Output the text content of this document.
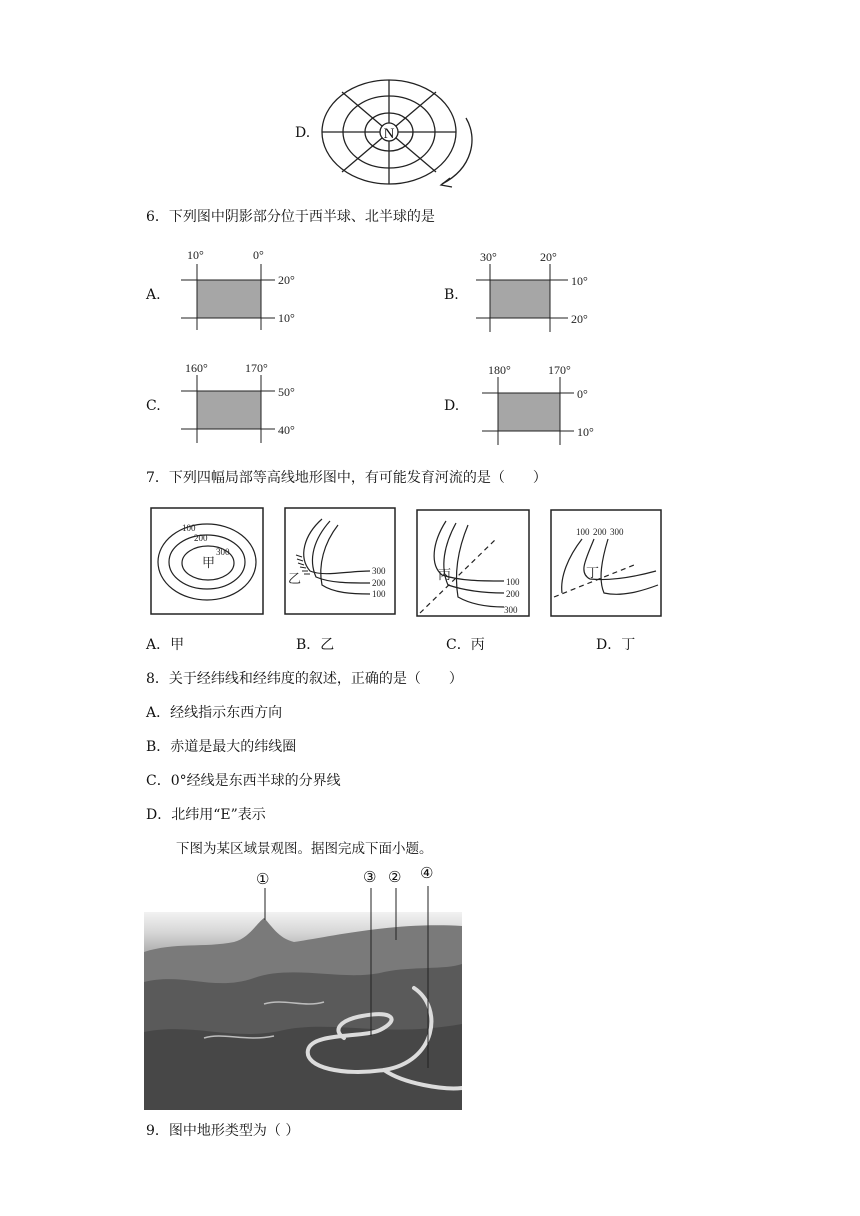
D.	N
6．下列图中阴影部分位于西半球、北半球的是
A.
10°	0°
20°
10°
B.
30°	20°
10°
20°
C.
160°	170°
50°
40°
D.
180°	170°
0°
10°
7．下列四幅局部等高线地形图中，有可能发育河流的是（　　）
100
200
300
甲
300
200
100
乙	100
200
300
丙
100 200 300
丁
A．甲	B．乙	C．丙	D．丁
8．关于经纬线和经纬度的叙述，正确的是（　　）
A．经线指示东西方向
B．赤道是最大的纬线圈
C．0°经线是东西半球的分界线
D．北纬用“E”表示
下图为某区域景观图。据图完成下面小题。
①	③ ② ④
9．图中地形类型为（ ）
